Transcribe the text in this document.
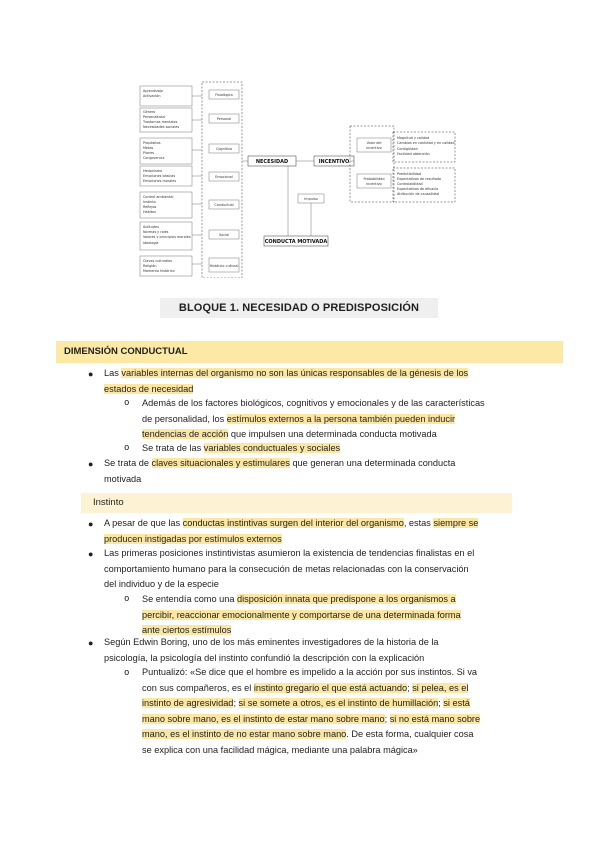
Aprendizaje
Activación
Género
Personalidad
Trastornos mentales
Necesidades sociales
Propósitos
Metas
Planes
Congruencia
Hedonismo
Emociones básicas
Emociones morales
Control ambiental
Instinto
Reflejos
Hábitos
Actitudes
Normas y roles
Valores y principios morales
Ideología
Claves culturales
Religión
Momento histórico
Fisiológica
Personal
Cognitiva
Emocional
Conductual
Social
Histórico cultural
NECESIDAD	INCENTIVO
Impulso
CONDUCTA MOTIVADA
Valor del
incentivo
Probabilidad
incentivo
Magnitud y calidad
Cambios en cantidad y en calidad
Contigüidad
Facilidad obtención
Predictibilidad
Expectativas de resultado
Controlabilidad
Expectativas de eficacia
Atribución de causalidad
BLOQUE 1. NECESIDAD O PREDISPOSICIÓN
DIMENSIÓN CONDUCTUAL
● Las variables internas del organismo no son las únicas responsables de la génesis de los
estados de necesidad
o Además de los factores biológicos, cognitivos y emocionales y de las características
de personalidad, los estímulos externos a la persona también pueden inducir
tendencias de acción que impulsen una determinada conducta motivada
o Se trata de las variables conductuales y sociales
● Se trata de claves situacionales y estimulares que generan una determinada conducta
motivada
Instinto
● A pesar de que las conductas instintivas surgen del interior del organismo, estas siempre se
producen instigadas por estímulos externos
● Las primeras posiciones instintivistas asumieron la existencia de tendencias finalistas en el
comportamiento humano para la consecución de metas relacionadas con la conservación
del individuo y de la especie
o Se entendía como una disposición innata que predispone a los organismos a
percibir, reaccionar emocionalmente y comportarse de una determinada forma
ante ciertos estímulos
● Según Edwin Boring, uno de los más eminentes investigadores de la historia de la
psicología, la psicología del instinto confundió la descripción con la explicación
o Puntualizó: «Se dice que el hombre es impelido a la acción por sus instintos. Si va
con sus compañeros, es el instinto gregario el que está actuando; si pelea, es el
instinto de agresividad; si se somete a otros, es el instinto de humillación; si está
mano sobre mano, es el instinto de estar mano sobre mano; si no está mano sobre
mano, es el instinto de no estar mano sobre mano. De esta forma, cualquier cosa
se explica con una facilidad mágica, mediante una palabra mágica»
